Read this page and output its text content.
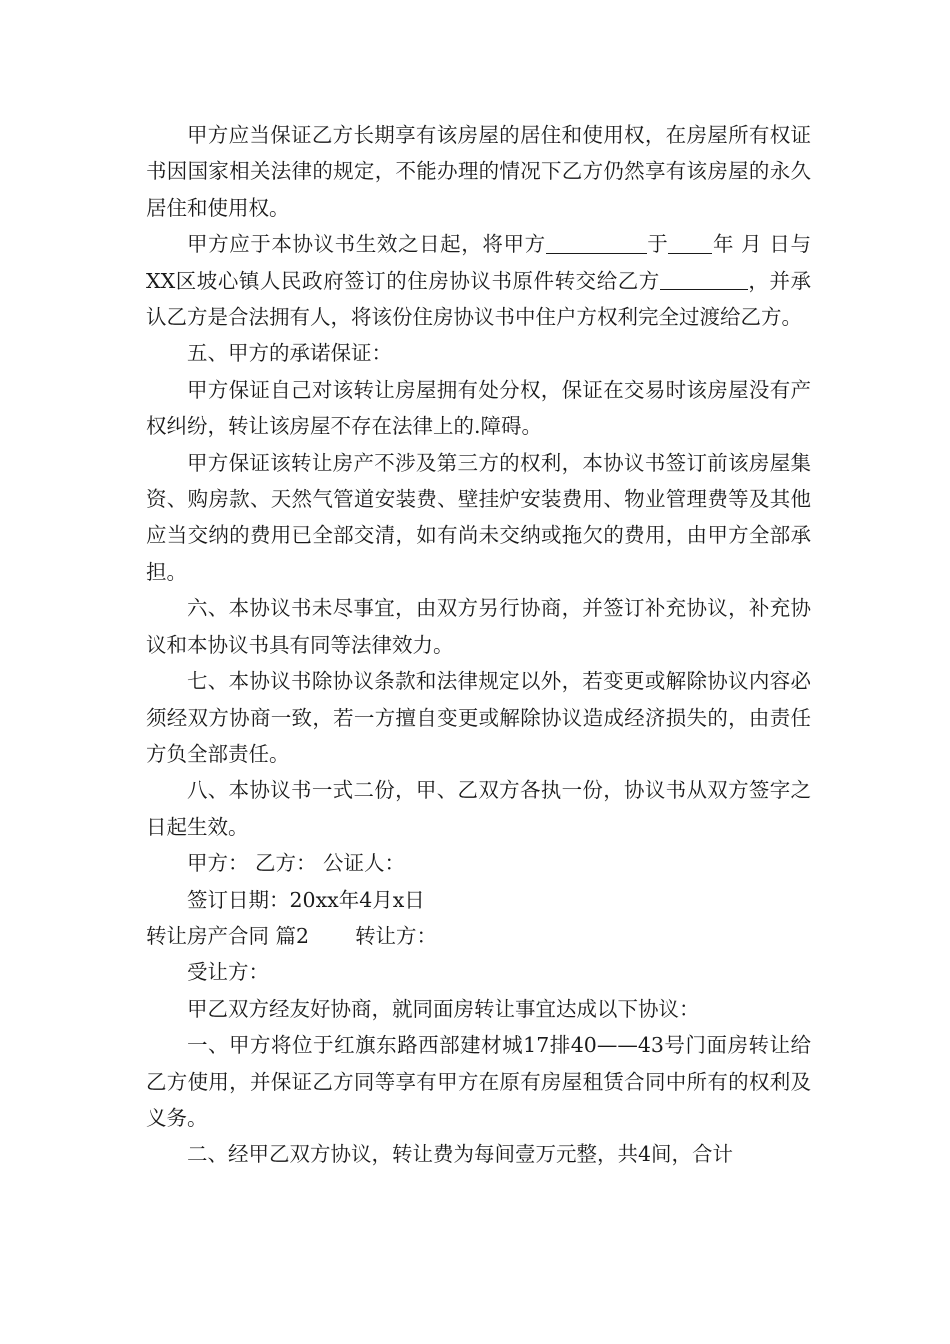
甲方应当保证乙方长期享有该房屋的居住和使用权，在房屋所有权证书因国家相关法律的规定，不能办理的情况下乙方仍然享有该房屋的永久居住和使用权。

甲方应于本协议书生效之日起，将甲方	于 年 月 日与XX区坡心镇人民政府签订的住房协议书原件转交给乙方	，并承认乙方是合法拥有人，将该份住房协议书中住户方权利完全过渡给乙方。

五、甲方的承诺保证：

甲方保证自己对该转让房屋拥有处分权，保证在交易时该房屋没有产权纠纷，转让该房屋不存在法律上的.障碍。

甲方保证该转让房产不涉及第三方的权利，本协议书签订前该房屋集资、购房款、天然气管道安装费、壁挂炉安装费用、物业管理费等及其他应当交纳的费用已全部交清，如有尚未交纳或拖欠的费用，由甲方全部承担。

六、本协议书未尽事宜，由双方另行协商，并签订补充协议，补充协议和本协议书具有同等法律效力。

七、本协议书除协议条款和法律规定以外，若变更或解除协议内容必须经双方协商一致，若一方擅自变更或解除协议造成经济损失的，由责任方负全部责任。

八、本协议书一式二份，甲、乙双方各执一份，协议书从双方签字之日起生效。

甲方： 乙方： 公证人：

签订日期：20xx年4月x日

转让房产合同 篇2 转让方：

受让方：

甲乙双方经友好协商，就同面房转让事宜达成以下协议：

一、甲方将位于红旗东路西部建材城17排40——43号门面房转让给乙方使用，并保证乙方同等享有甲方在原有房屋租赁合同中所有的权利及义务。

二、经甲乙双方协议，转让费为每间壹万元整，共4间，合计
